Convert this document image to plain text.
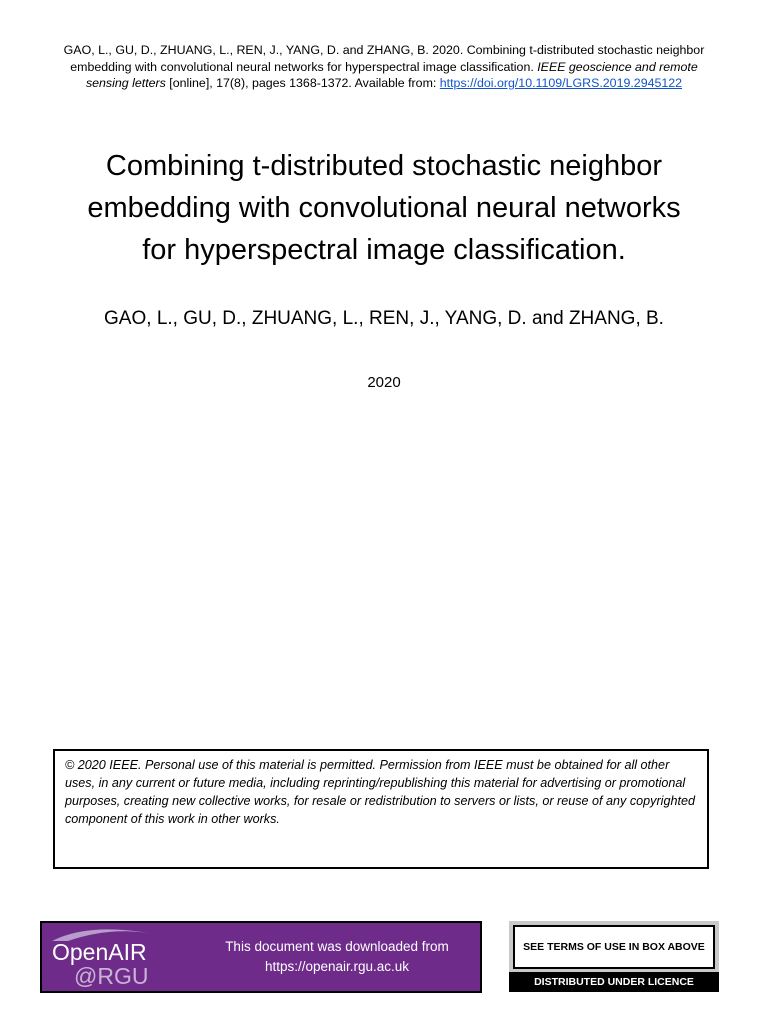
GAO, L., GU, D., ZHUANG, L., REN, J., YANG, D. and ZHANG, B. 2020. Combining t-distributed stochastic neighbor embedding with convolutional neural networks for hyperspectral image classification. IEEE geoscience and remote sensing letters [online], 17(8), pages 1368-1372. Available from: https://doi.org/10.1109/LGRS.2019.2945122
Combining t-distributed stochastic neighbor
embedding with convolutional neural networks
for hyperspectral image classification.
GAO, L., GU, D., ZHUANG, L., REN, J., YANG, D. and ZHANG, B.
2020
© 2020 IEEE. Personal use of this material is permitted. Permission from IEEE must be obtained for all other uses, in any current or future media, including reprinting/republishing this material for advertising or promotional purposes, creating new collective works, for resale or redistribution to servers or lists, or reuse of any copyrighted component of this work in other works.
OpenAIR
@RGU
This document was downloaded from
https://openair.rgu.ac.uk
SEE TERMS OF USE IN BOX ABOVE
DISTRIBUTED UNDER LICENCE
